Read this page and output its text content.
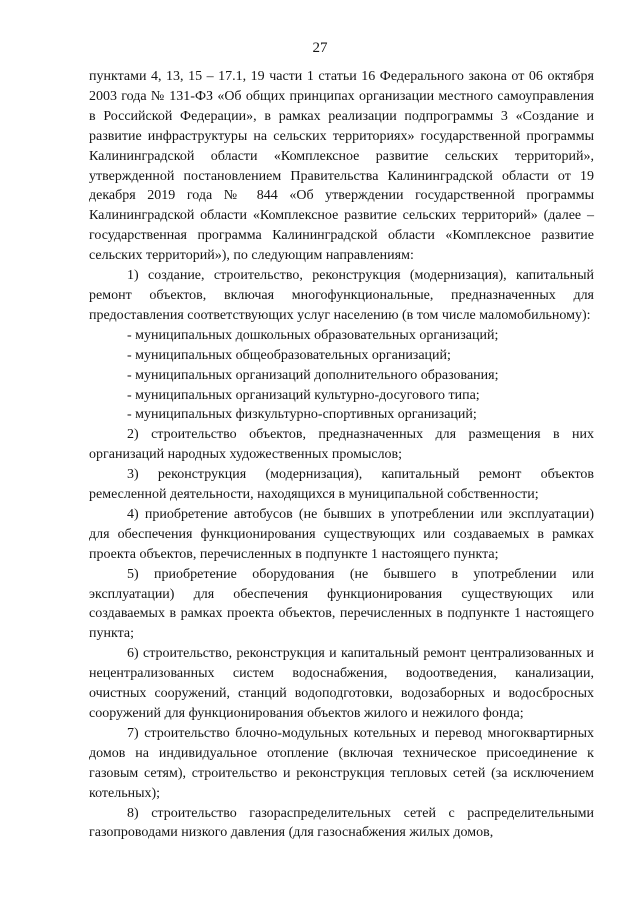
27

пунктами 4, 13, 15 – 17.1, 19 части 1 статьи 16 Федерального закона от 06 октября 2003 года № 131-ФЗ «Об общих принципах организации местного самоуправления в Российской Федерации», в рамках реализации подпрограммы 3 «Создание и развитие инфраструктуры на сельских территориях» государственной программы Калининградской области «Комплексное развитие сельских территорий», утвержденной постановлением Правительства Калининградской области от 19 декабря 2019 года № 844 «Об утверждении государственной программы Калининградской области «Комплексное развитие сельских территорий» (далее – государственная программа Калининградской области «Комплексное развитие сельских территорий»), по следующим направлениям:

1) создание, строительство, реконструкция (модернизация), капитальный ремонт объектов, включая многофункциональные, предназначенных для предоставления соответствующих услуг населению (в том числе маломобильному):

- муниципальных дошкольных образовательных организаций;

- муниципальных общеобразовательных организаций;

- муниципальных организаций дополнительного образования;

- муниципальных организаций культурно-досугового типа;

- муниципальных физкультурно-спортивных организаций;

2) строительство объектов, предназначенных для размещения в них организаций народных художественных промыслов;

3) реконструкция (модернизация), капитальный ремонт объектов ремесленной деятельности, находящихся в муниципальной собственности;

4) приобретение автобусов (не бывших в употреблении или эксплуатации) для обеспечения функционирования существующих или создаваемых в рамках проекта объектов, перечисленных в подпункте 1 настоящего пункта;

5) приобретение оборудования (не бывшего в употреблении или эксплуатации) для обеспечения функционирования существующих или создаваемых в рамках проекта объектов, перечисленных в подпункте 1 настоящего пункта;

6) строительство, реконструкция и капитальный ремонт централизованных и нецентрализованных систем водоснабжения, водоотведения, канализации, очистных сооружений, станций водоподготовки, водозаборных и водосбросных сооружений для функционирования объектов жилого и нежилого фонда;

7) строительство блочно-модульных котельных и перевод многоквартирных домов на индивидуальное отопление (включая техническое присоединение к газовым сетям), строительство и реконструкция тепловых сетей (за исключением котельных);

8) строительство газораспределительных сетей с распределительными газопроводами низкого давления (для газоснабжения жилых домов,
